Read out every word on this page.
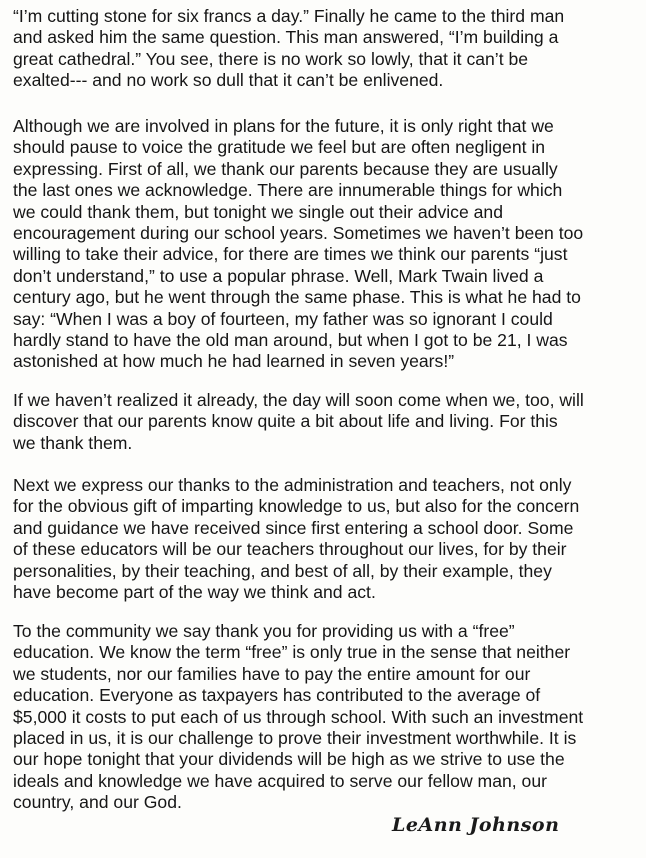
“I’m cutting stone for six francs a day.” Finally he came to the third man
and asked him the same question. This man answered, “I’m building a
great cathedral.” You see, there is no work so lowly, that it can’t be
exalted--- and no work so dull that it can’t be enlivened.
Although we are involved in plans for the future, it is only right that we
should pause to voice the gratitude we feel but are often negligent in
expressing. First of all, we thank our parents because they are usually
the last ones we acknowledge. There are innumerable things for which
we could thank them, but tonight we single out their advice and
encouragement during our school years. Sometimes we haven’t been too
willing to take their advice, for there are times we think our parents “just
don’t understand,” to use a popular phrase. Well, Mark Twain lived a
century ago, but he went through the same phase. This is what he had to
say: “When I was a boy of fourteen, my father was so ignorant I could
hardly stand to have the old man around, but when I got to be 21, I was
astonished at how much he had learned in seven years!”
If we haven’t realized it already, the day will soon come when we, too, will
discover that our parents know quite a bit about life and living. For this
we thank them.
Next we express our thanks to the administration and teachers, not only
for the obvious gift of imparting knowledge to us, but also for the concern
and guidance we have received since first entering a school door. Some
of these educators will be our teachers throughout our lives, for by their
personalities, by their teaching, and best of all, by their example, they
have become part of the way we think and act.
To the community we say thank you for providing us with a “free”
education. We know the term “free” is only true in the sense that neither
we students, nor our families have to pay the entire amount for our
education. Everyone as taxpayers has contributed to the average of
$5,000 it costs to put each of us through school. With such an investment
placed in us, it is our challenge to prove their investment worthwhile. It is
our hope tonight that your dividends will be high as we strive to use the
ideals and knowledge we have acquired to serve our fellow man, our
country, and our God.
LeAnn Johnson
